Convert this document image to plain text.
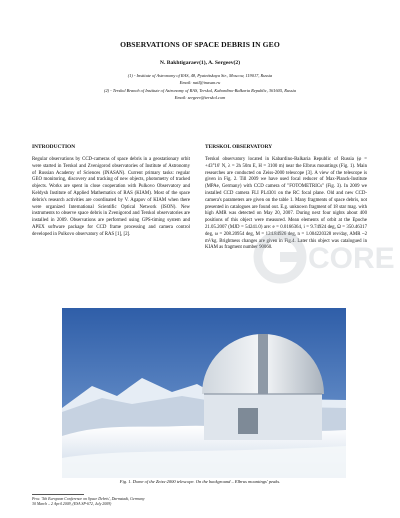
OBSERVATIONS OF SPACE DEBRIS IN GEO
N. Bakhtigaraev(1), A. Sergeev(2)
(1) - Institute of Astronomy of RAS, 48, Pyatnitskaya Str., Moscow, 119017, Russia
Email: nail@inasan.ru
(2) - Terskol Branch of Institute of Astronomy of RAS, Terskol, Kabardino-Balkaria Republic, 361605, Russia
Email: sergeev@terskol.com
INTRODUCTION	TERSKOL OBSERVATORY

Regular observations by CCD-cameras of space debris in a geostationary orbit were started in Terskol and Zvenigorod observatories of Institute of Astronomy of Russian Academy of Sciences (INASAN). Current primary tasks: regular GEO monitoring, discovery and tracking of new objects, photometry of tracked objects. Works are spent in close cooperation with Pulkovo Observatory and Keldysh Institute of Applied Mathematics of RAS (KIAM). Most of the space debris's research activities are coordinated by V. Agapov of KIAM when there were organized International Scientific Optical Network (ISON). New instruments to observe space debris in Zvenigorod and Terskol observatories are installed in 2009. Observations are performed using GPS-timing system and APEX software package for CCD frame processing and camera control developed in Pulkovo observatory of RAS [1], [2].

Terskol observatory located in Kabardino-Balkaria Republic of Russia (φ = +43°16' N, λ = 2h 50m E, H = 3100 m) near the Elbrus mountings (Fig. 1). Main researches are conducted on Zeiss-2000 telescope [3]. A view of the telescope is given in Fig. 2. Till 2009 we have used focal reducer of Max-Planck-Institute (MPAe, Germany) with CCD camera of "FOTOMETRICs" (Fig. 3). In 2009 we installed CCD camera FLI PL4301 on the RC focal plane. Old and new CCD-camera's parameters are given on the table 1. Many fragments of space debris, not presented in catalogues are found out. E.g. unknown fragment of 18 star mag. with high AMR was detected on May 20, 2007. During next four nights about 400 positions of this object were measured. Mean elements of orbit at the Epoche 21.05.2007 (MJD = 54241.0) are: e = 0.0166364, i = 9.74924 deg, Ω = 350.46317 deg, ω = 208.20954 deg, M = 124.84926 deg, n = 1.004220328 rev/day, AMR ~2 m²/kg. Brightness changes are given in Fig.4. Later this object was catalogued in KIAM as fragment number 90060.	CORE
Fig. 1. Dome of the Zeiss-2000 telescope. On the background – Elbrus mountings' peaks.
Proc. '5th European Conference on Space Debris', Darmstadt, Germany
30 March – 2 April 2009, (ESA SP-672, July 2009)
